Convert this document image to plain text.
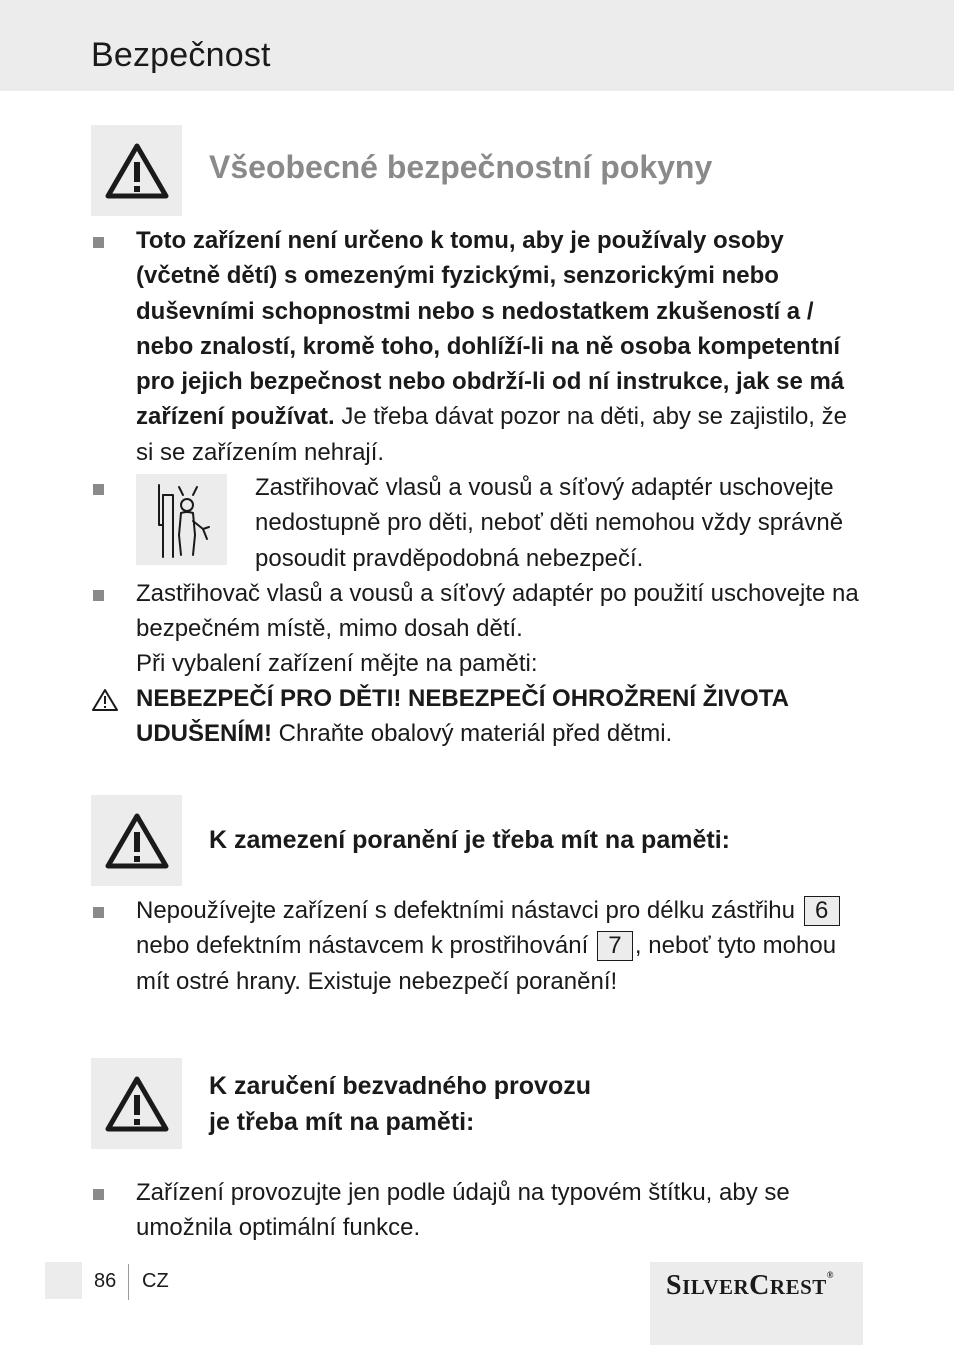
Bezpečnost
Všeobecné bezpečnostní pokyny
Toto zařízení není určeno k tomu, aby je používaly osoby (včetně dětí) s omezenými fyzickými, senzorickými nebo duševními schopnostmi nebo s nedostatkem zkušeností a / nebo znalostí, kromě toho, dohlíží-li na ně osoba kompetentní pro jejich bezpečnost nebo obdrží-li od ní instrukce, jak se má zařízení používat. Je třeba dávat pozor na děti, aby se zajistilo, že si se zařízením nehrají.
Zastřihovač vlasů a vousů a síťový adaptér uschovejte nedostupně pro děti, neboť děti nemohou vždy správně posoudit pravděpodobná nebezpečí.
Zastřihovač vlasů a vousů a síťový adaptér po použití uschovejte na bezpečném místě, mimo dosah dětí.
Při vybalení zařízení mějte na paměti:
NEBEZPEČÍ PRO DĚTI! NEBEZPEČÍ OHROŽRENÍ ŽIVOTA UDUŠENÍM! Chraňte obalový materiál před dětmi.
K zamezení poranění je třeba mít na paměti:
Nepoužívejte zařízení s defektními nástavci pro délku zástřihu 6
nebo defektním nástavcem k prostřihování 7 , neboť tyto mohou mít ostré hrany. Existuje nebezpečí poranění!
K zaručení bezvadného provozu
je třeba mít na paměti:
Zařízení provozujte jen podle údajů na typovém štítku, aby se umožnila optimální funkce.
86 CZ	SILVERCREST®
